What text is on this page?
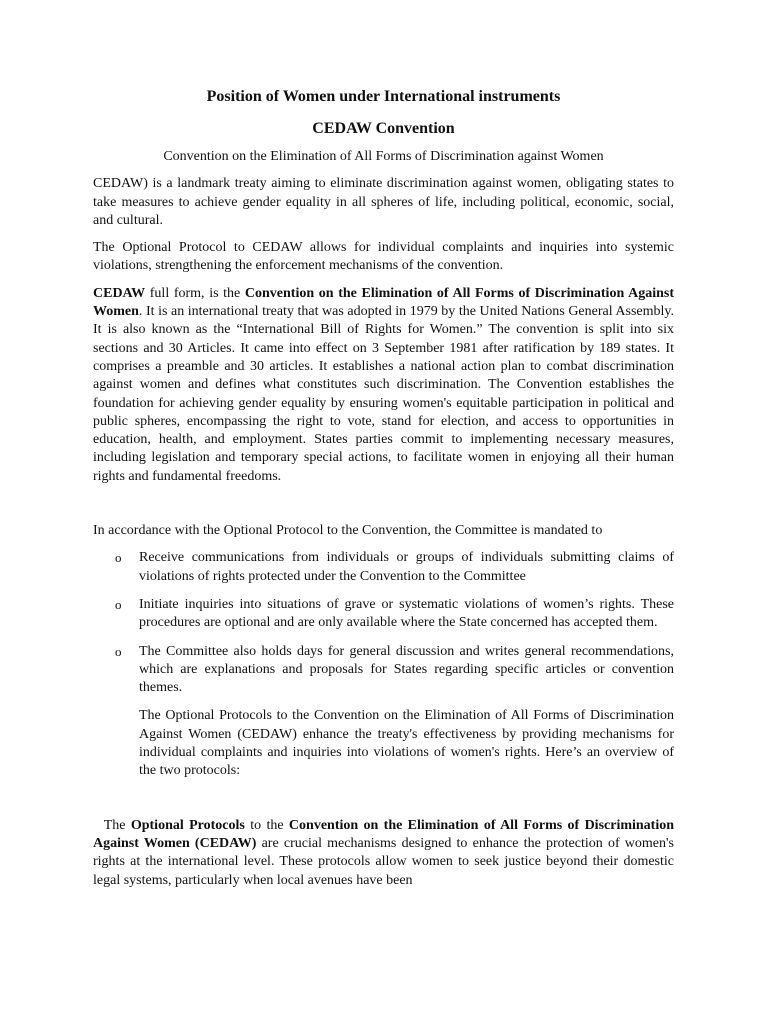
Position of Women under International instruments
CEDAW Convention
Convention on the Elimination of All Forms of Discrimination against Women

CEDAW) is a landmark treaty aiming to eliminate discrimination against women, obligating states to take measures to achieve gender equality in all spheres of life, including political, economic, social, and cultural.

The Optional Protocol to CEDAW allows for individual complaints and inquiries into systemic violations, strengthening the enforcement mechanisms of the convention.

CEDAW full form, is the Convention on the Elimination of All Forms of Discrimination Against Women. It is an international treaty that was adopted in 1979 by the United Nations General Assembly. It is also known as the “International Bill of Rights for Women.” The convention is split into six sections and 30 Articles. It came into effect on 3 September 1981 after ratification by 189 states. It comprises a preamble and 30 articles. It establishes a national action plan to combat discrimination against women and defines what constitutes such discrimination. The Convention establishes the foundation for achieving gender equality by ensuring women's equitable participation in political and public spheres, encompassing the right to vote, stand for election, and access to opportunities in education, health, and employment. States parties commit to implementing necessary measures, including legislation and temporary special actions, to facilitate women in enjoying all their human rights and fundamental freedoms.

In accordance with the Optional Protocol to the Convention, the Committee is mandated to

o Receive communications from individuals or groups of individuals submitting claims of violations of rights protected under the Convention to the Committee
o Initiate inquiries into situations of grave or systematic violations of women’s rights. These procedures are optional and are only available where the State concerned has accepted them.
o The Committee also holds days for general discussion and writes general recommendations, which are explanations and proposals for States regarding specific articles or convention themes.

The Optional Protocols to the Convention on the Elimination of All Forms of Discrimination Against Women (CEDAW) enhance the treaty's effectiveness by providing mechanisms for individual complaints and inquiries into violations of women's rights. Here’s an overview of the two protocols:

The Optional Protocols to the Convention on the Elimination of All Forms of Discrimination Against Women (CEDAW) are crucial mechanisms designed to enhance the protection of women's rights at the international level. These protocols allow women to seek justice beyond their domestic legal systems, particularly when local avenues have been
